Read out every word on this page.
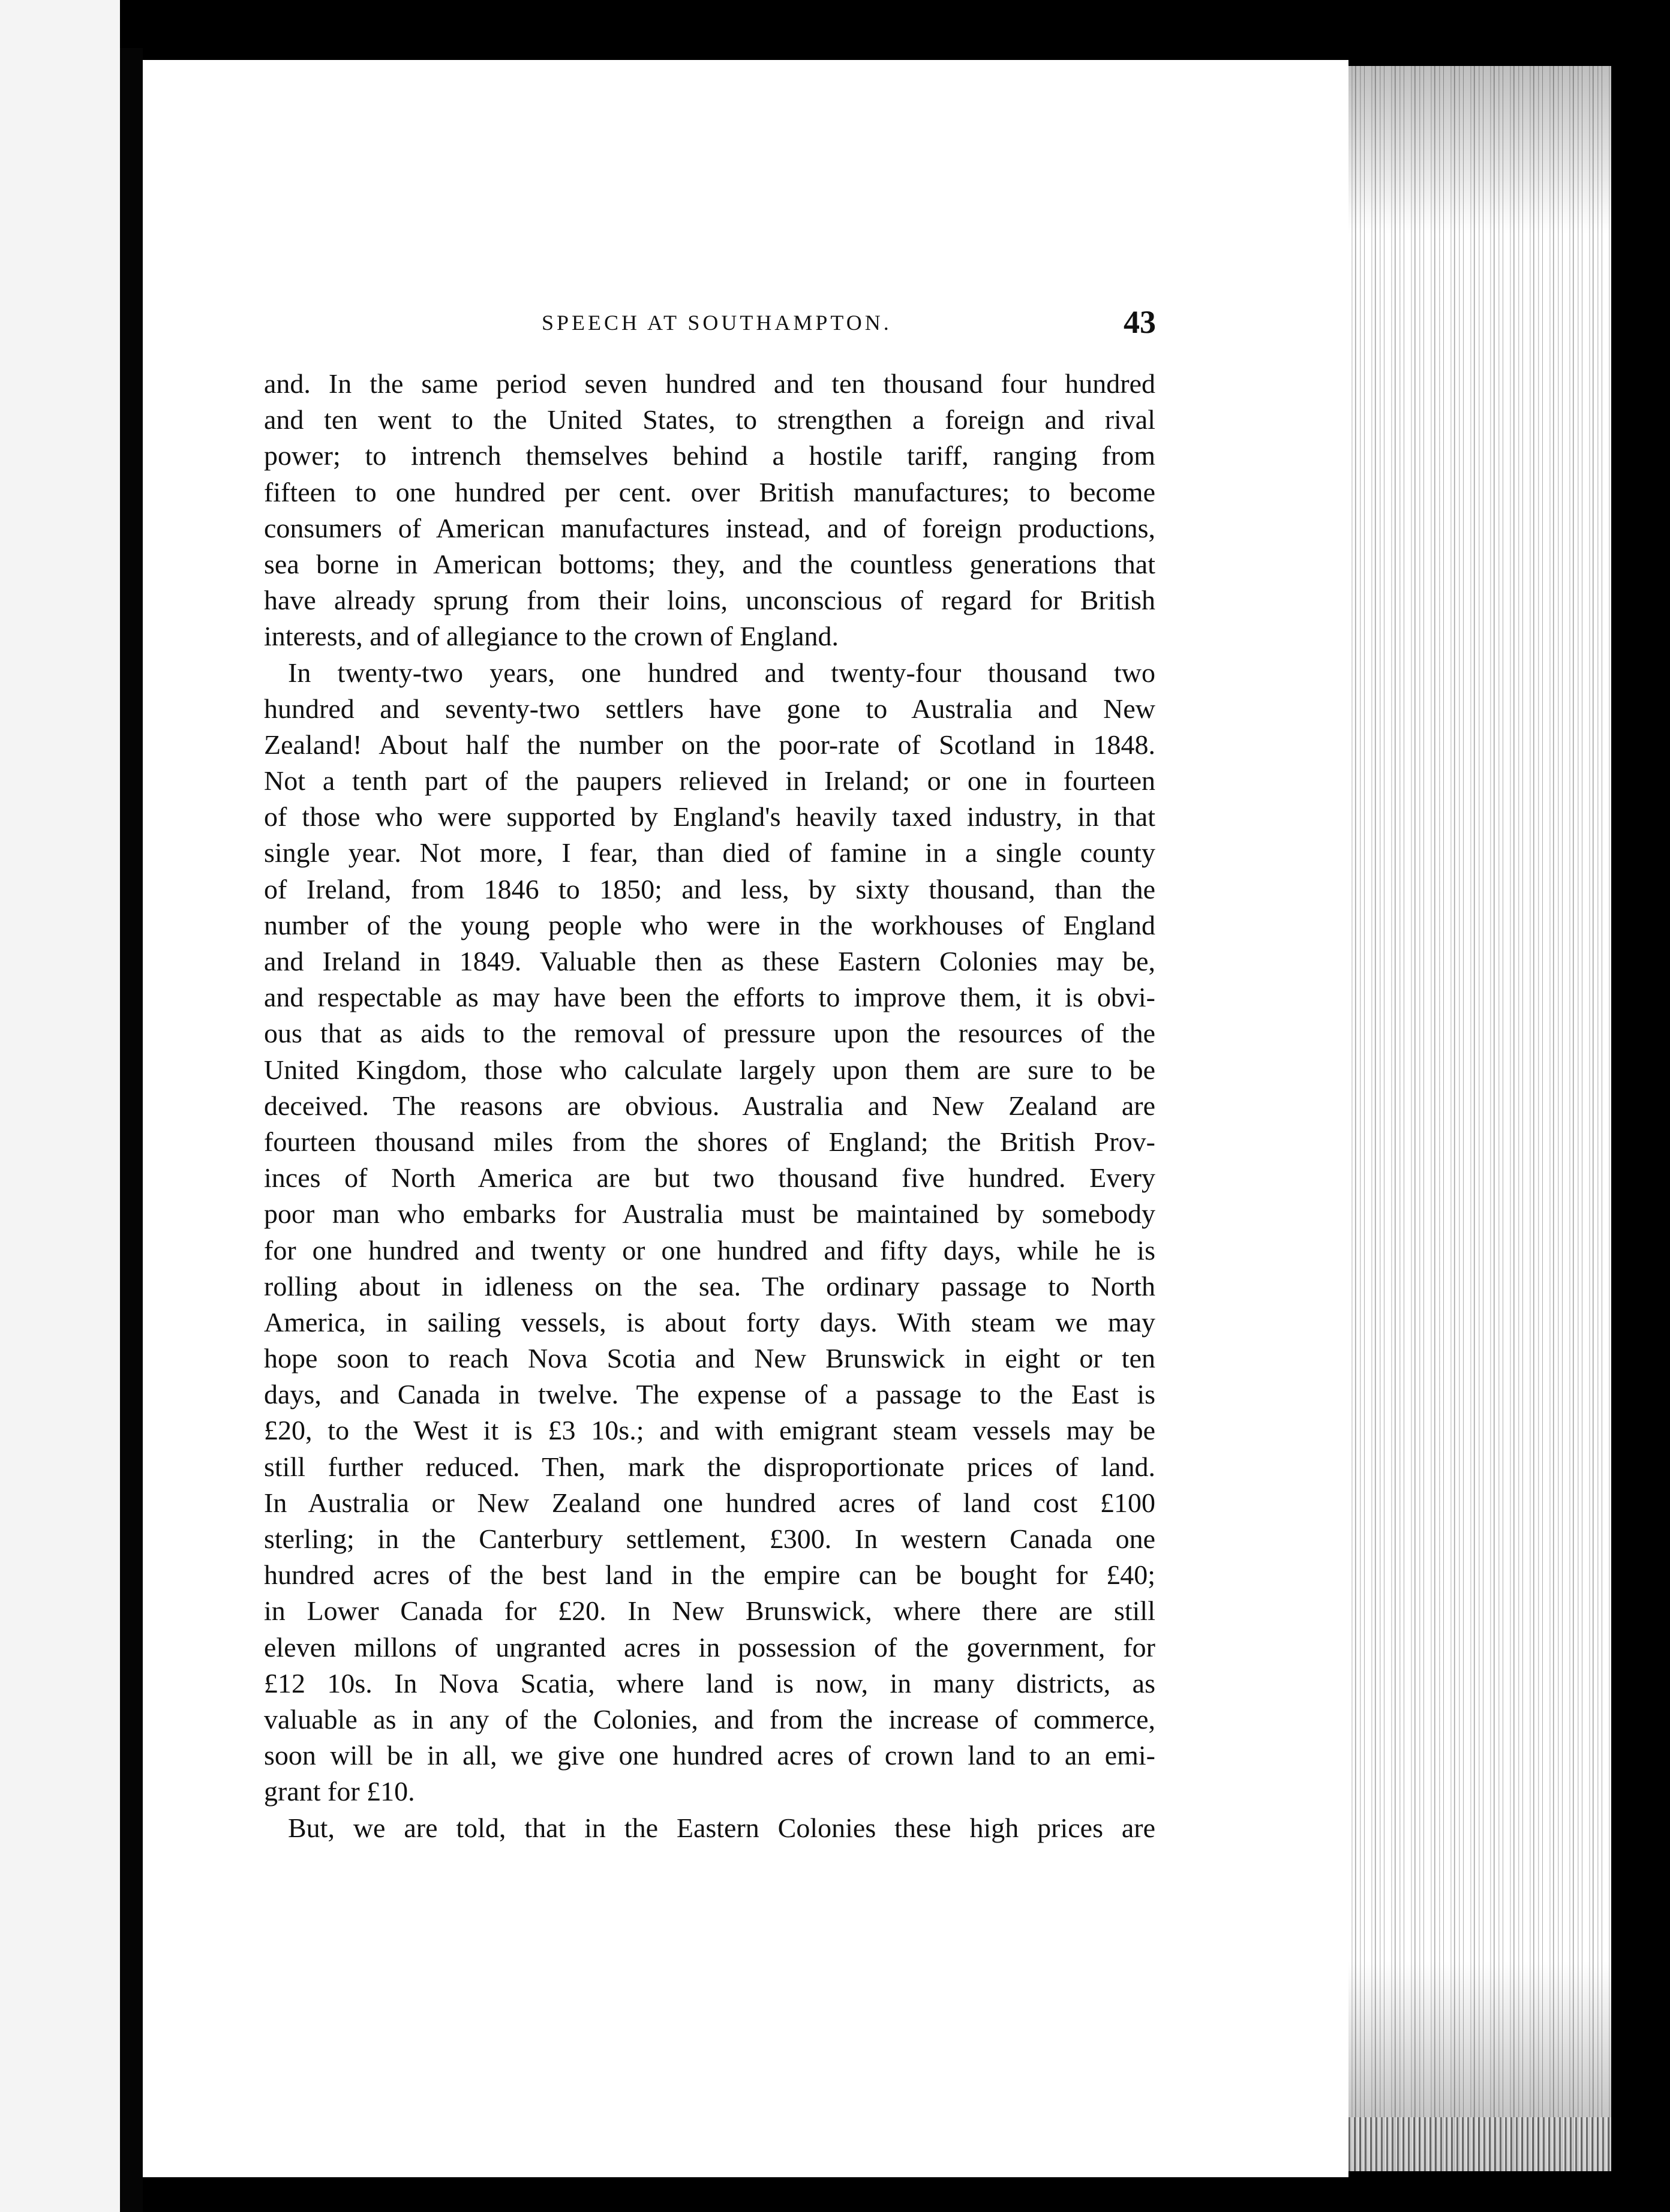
SPEECH AT SOUTHAMPTON.	43
and. In the same period seven hundred and ten thousand four hundred
and ten went to the United States, to strengthen a foreign and rival
power; to intrench themselves behind a hostile tariff, ranging from
fifteen to one hundred per cent. over British manufactures; to become
consumers of American manufactures instead, and of foreign productions,
sea borne in American bottoms; they, and the countless generations that
have already sprung from their loins, unconscious of regard for British
interests, and of allegiance to the crown of England.
In twenty-two years, one hundred and twenty-four thousand two
hundred and seventy-two settlers have gone to Australia and New
Zealand! About half the number on the poor-rate of Scotland in 1848.
Not a tenth part of the paupers relieved in Ireland; or one in fourteen
of those who were supported by England's heavily taxed industry, in that
single year. Not more, I fear, than died of famine in a single county
of Ireland, from 1846 to 1850; and less, by sixty thousand, than the
number of the young people who were in the workhouses of England
and Ireland in 1849. Valuable then as these Eastern Colonies may be,
and respectable as may have been the efforts to improve them, it is obvi-
ous that as aids to the removal of pressure upon the resources of the
United Kingdom, those who calculate largely upon them are sure to be
deceived. The reasons are obvious. Australia and New Zealand are
fourteen thousand miles from the shores of England; the British Prov-
inces of North America are but two thousand five hundred. Every
poor man who embarks for Australia must be maintained by somebody
for one hundred and twenty or one hundred and fifty days, while he is
rolling about in idleness on the sea. The ordinary passage to North
America, in sailing vessels, is about forty days. With steam we may
hope soon to reach Nova Scotia and New Brunswick in eight or ten
days, and Canada in twelve. The expense of a passage to the East is
£20, to the West it is £3 10s.; and with emigrant steam vessels may be
still further reduced. Then, mark the disproportionate prices of land.
In Australia or New Zealand one hundred acres of land cost £100
sterling; in the Canterbury settlement, £300. In western Canada one
hundred acres of the best land in the empire can be bought for £40;
in Lower Canada for £20. In New Brunswick, where there are still
eleven millons of ungranted acres in possession of the government, for
£12 10s. In Nova Scatia, where land is now, in many districts, as
valuable as in any of the Colonies, and from the increase of commerce,
soon will be in all, we give one hundred acres of crown land to an emi-
grant for £10.
But, we are told, that in the Eastern Colonies these high prices are
